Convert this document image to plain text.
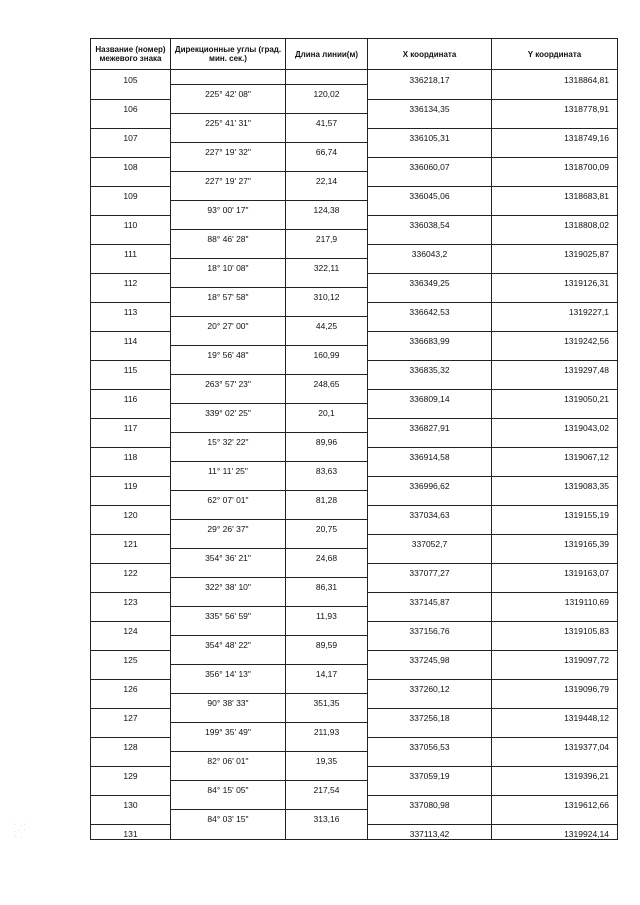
Название (номер) межевого знака	Дирекционные углы (град. мин. сек.)	Длина линии(м)	X координата	Y координата
105			336218,17	1318864,81
	225° 42' 08"	120,02		
106			336134,35	1318778,91
	225° 41' 31"	41,57		
107			336105,31	1318749,16
	227° 19' 32"	66,74		
108			336060,07	1318700,09
	227° 19' 27"	22,14		
109			336045,06	1318683,81
	93° 00' 17"	124,38		
110			336038,54	1318808,02
	88° 46' 28"	217,9		
111			336043,2	1319025,87
	18° 10' 08"	322,11		
112			336349,25	1319126,31
	18° 57' 58"	310,12		
113			336642,53	1319227,1
	20° 27' 00"	44,25		
114			336683,99	1319242,56
	19° 56' 48"	160,99		
115			336835,32	1319297,48
	263° 57' 23"	248,65		
116			336809,14	1319050,21
	339° 02' 25"	20,1		
117			336827,91	1319043,02
	15° 32' 22"	89,96		
118			336914,58	1319067,12
	11° 11' 25"	83,63		
119			336996,62	1319083,35
	62° 07' 01"	81,28		
120			337034,63	1319155,19
	29° 26' 37"	20,75		
121			337052,7	1319165,39
	354° 36' 21"	24,68		
122			337077,27	1319163,07
	322° 38' 10"	86,31		
123			337145,87	1319110,69
	335° 56' 59"	11,93		
124			337156,76	1319105,83
	354° 48' 22"	89,59		
125			337245,98	1319097,72
	356° 14' 13"	14,17		
126			337260,12	1319096,79
	90° 38' 33"	351,35		
127			337256,18	1319448,12
	199° 35' 49"	211,93		
128			337056,53	1319377,04
	82° 06' 01"	19,35		
129			337059,19	1319396,21
	84° 15' 05"	217,54		
130			337080,98	1319612,66
	84° 03' 15"	313,16		
131			337113,42	1319924,14
· .·
.· ·
· .
